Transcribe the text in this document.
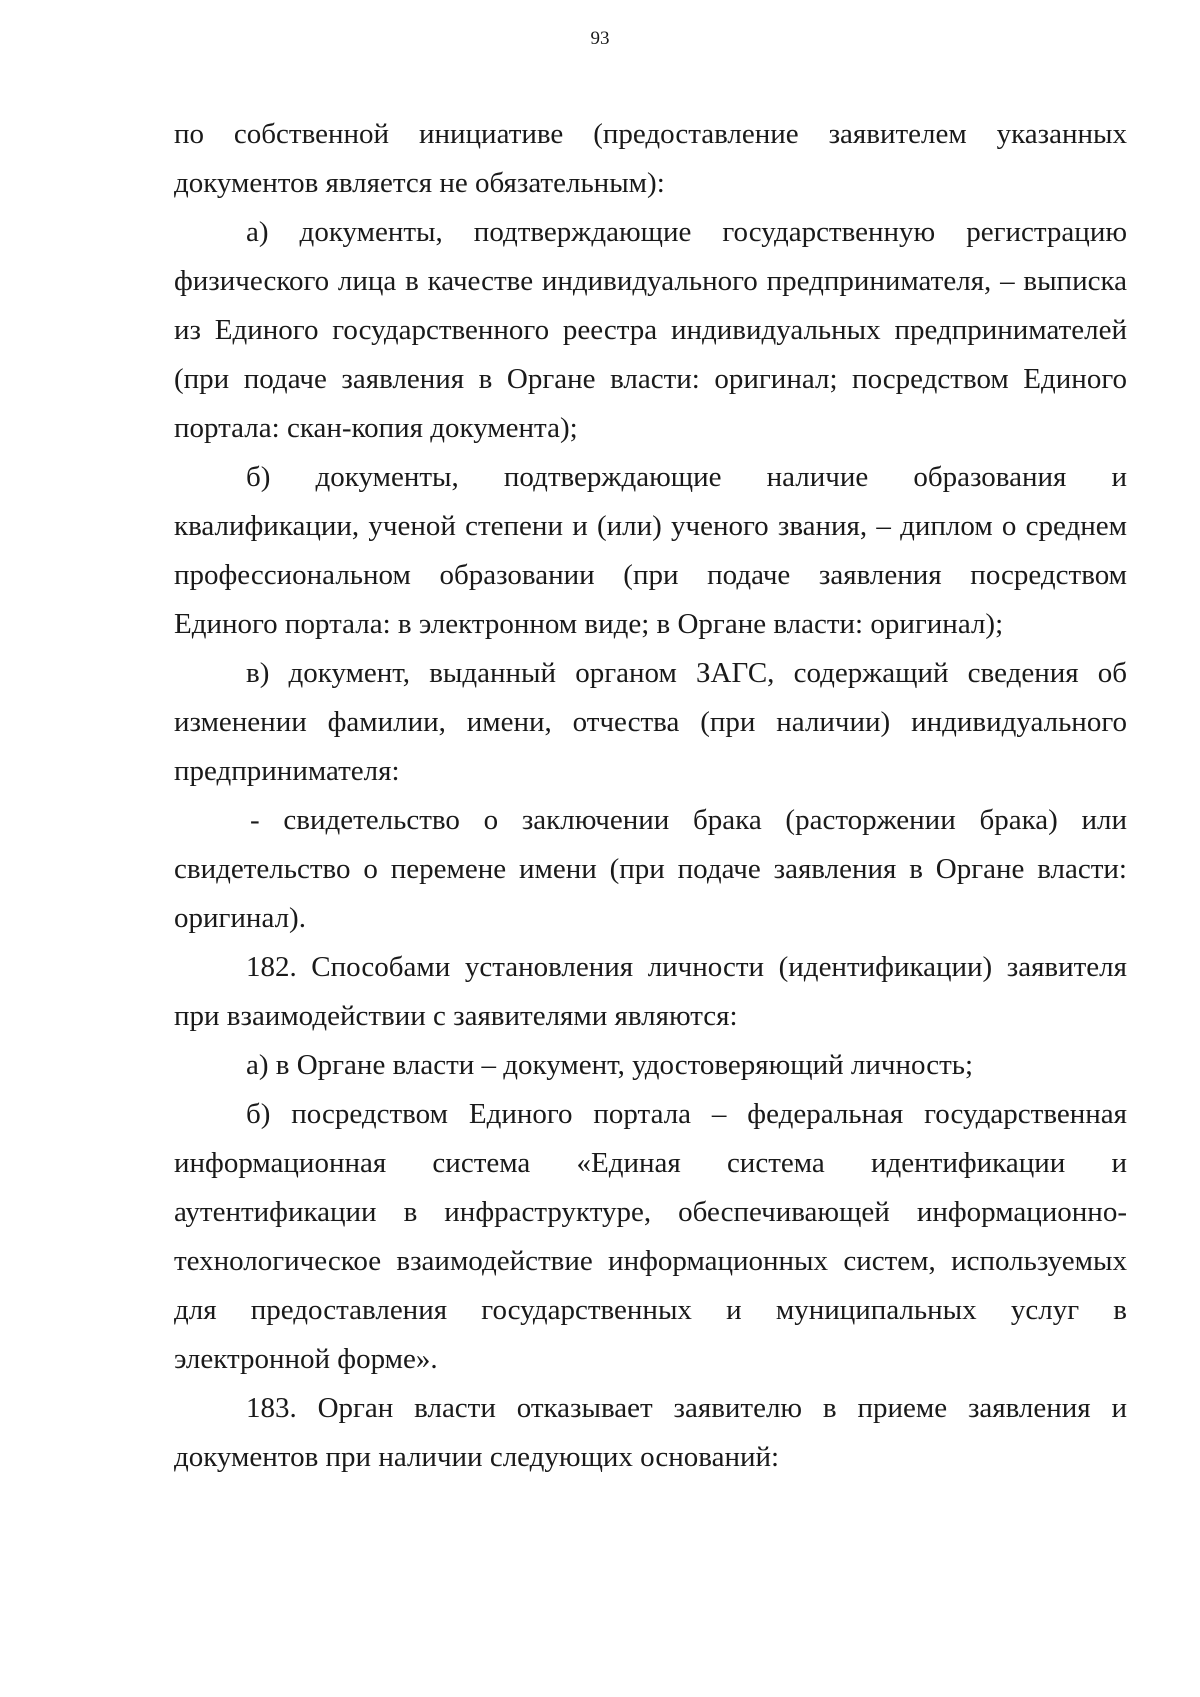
93

по собственной инициативе (предоставление заявителем указанных документов является не обязательным):

а) документы, подтверждающие государственную регистрацию физического лица в качестве индивидуального предпринимателя, – выписка из Единого государственного реестра индивидуальных предпринимателей (при подаче заявления в Органе власти: оригинал; посредством Единого портала: скан-копия документа);

б) документы, подтверждающие наличие образования и квалификации, ученой степени и (или) ученого звания, – диплом о среднем профессиональном образовании (при подаче заявления посредством Единого портала: в электронном виде; в Органе власти: оригинал);

в) документ, выданный органом ЗАГС, содержащий сведения об изменении фамилии, имени, отчества (при наличии) индивидуального предпринимателя:

- свидетельство о заключении брака (расторжении брака) или свидетельство о перемене имени (при подаче заявления в Органе власти: оригинал).

182. Способами установления личности (идентификации) заявителя при взаимодействии с заявителями являются:

а) в Органе власти – документ, удостоверяющий личность;

б) посредством Единого портала – федеральная государственная информационная система «Единая система идентификации и аутентификации в инфраструктуре, обеспечивающей информационно-технологическое взаимодействие информационных систем, используемых для предоставления государственных и муниципальных услуг в электронной форме».

183. Орган власти отказывает заявителю в приеме заявления и документов при наличии следующих оснований:
